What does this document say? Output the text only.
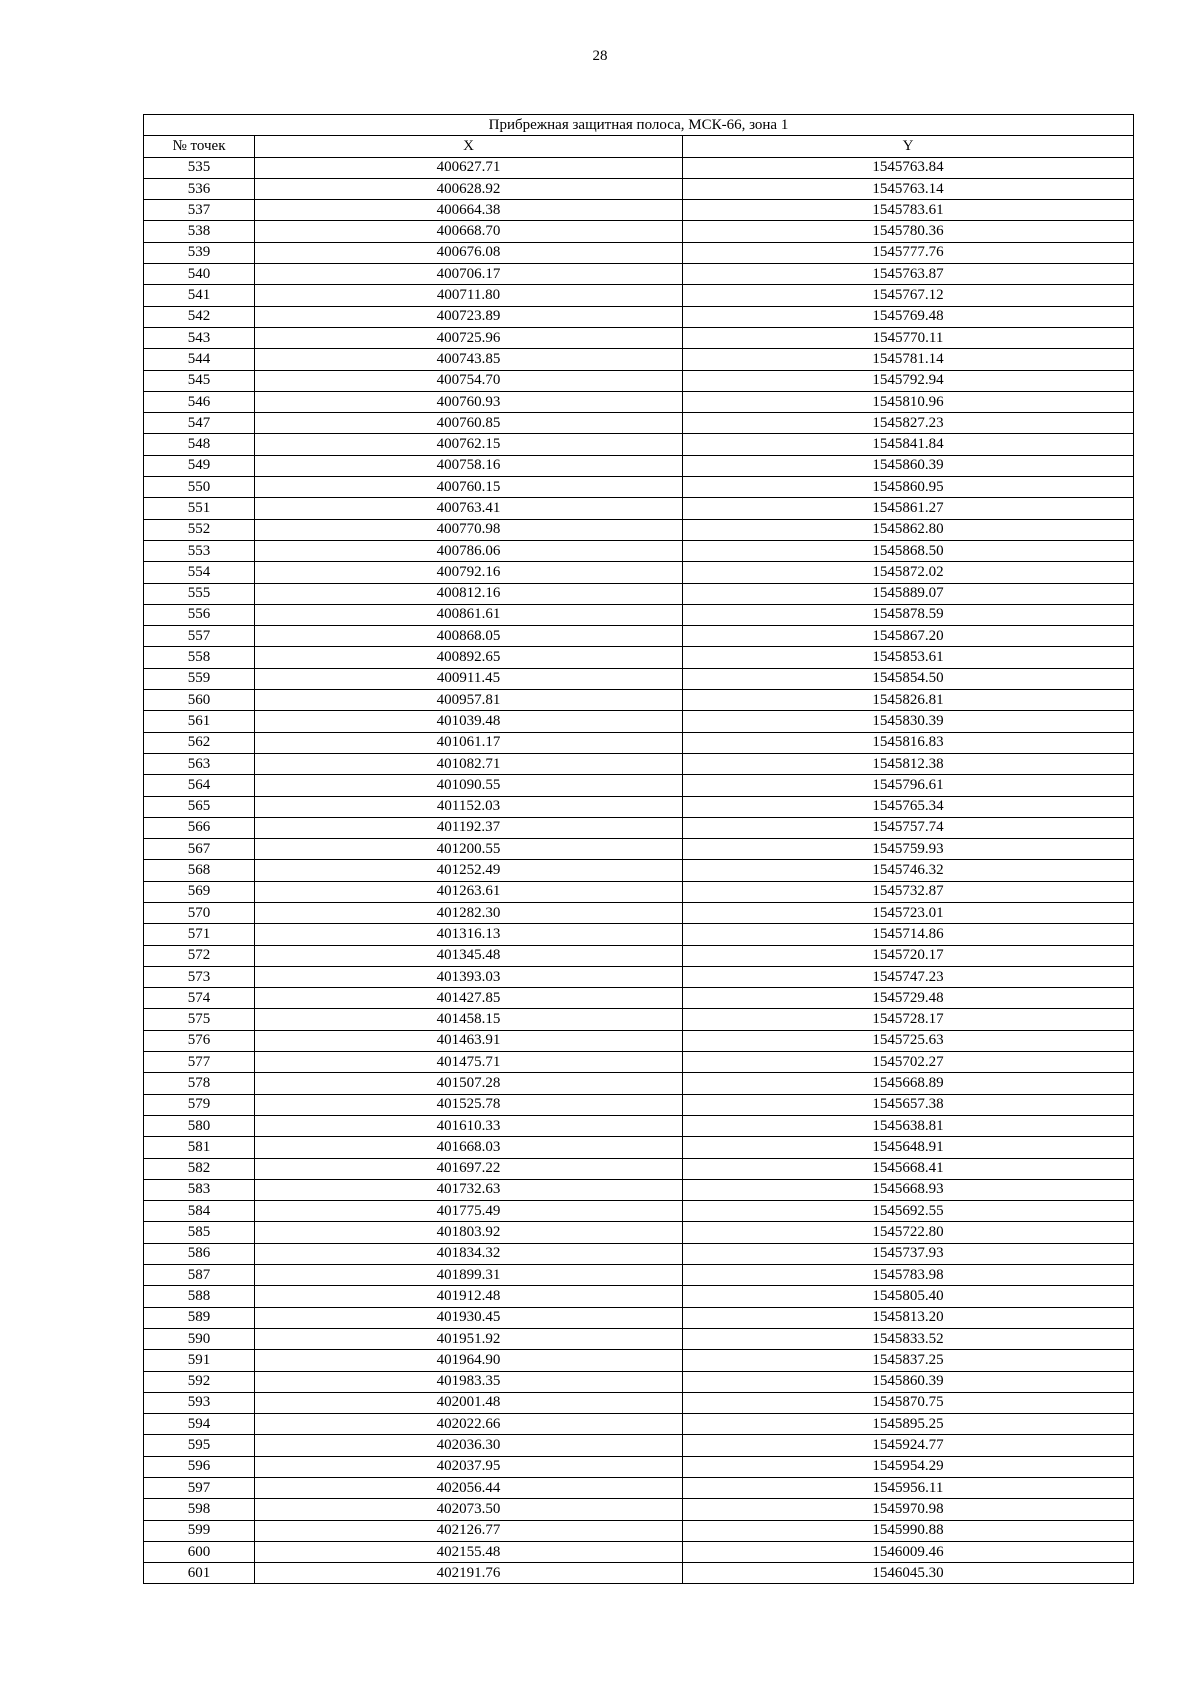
28
Прибрежная защитная полоса, МСК-66, зона 1		
№ точек	X	Y
535	400627.71	1545763.84
536	400628.92	1545763.14
537	400664.38	1545783.61
538	400668.70	1545780.36
539	400676.08	1545777.76
540	400706.17	1545763.87
541	400711.80	1545767.12
542	400723.89	1545769.48
543	400725.96	1545770.11
544	400743.85	1545781.14
545	400754.70	1545792.94
546	400760.93	1545810.96
547	400760.85	1545827.23
548	400762.15	1545841.84
549	400758.16	1545860.39
550	400760.15	1545860.95
551	400763.41	1545861.27
552	400770.98	1545862.80
553	400786.06	1545868.50
554	400792.16	1545872.02
555	400812.16	1545889.07
556	400861.61	1545878.59
557	400868.05	1545867.20
558	400892.65	1545853.61
559	400911.45	1545854.50
560	400957.81	1545826.81
561	401039.48	1545830.39
562	401061.17	1545816.83
563	401082.71	1545812.38
564	401090.55	1545796.61
565	401152.03	1545765.34
566	401192.37	1545757.74
567	401200.55	1545759.93
568	401252.49	1545746.32
569	401263.61	1545732.87
570	401282.30	1545723.01
571	401316.13	1545714.86
572	401345.48	1545720.17
573	401393.03	1545747.23
574	401427.85	1545729.48
575	401458.15	1545728.17
576	401463.91	1545725.63
577	401475.71	1545702.27
578	401507.28	1545668.89
579	401525.78	1545657.38
580	401610.33	1545638.81
581	401668.03	1545648.91
582	401697.22	1545668.41
583	401732.63	1545668.93
584	401775.49	1545692.55
585	401803.92	1545722.80
586	401834.32	1545737.93
587	401899.31	1545783.98
588	401912.48	1545805.40
589	401930.45	1545813.20
590	401951.92	1545833.52
591	401964.90	1545837.25
592	401983.35	1545860.39
593	402001.48	1545870.75
594	402022.66	1545895.25
595	402036.30	1545924.77
596	402037.95	1545954.29
597	402056.44	1545956.11
598	402073.50	1545970.98
599	402126.77	1545990.88
600	402155.48	1546009.46
601	402191.76	1546045.30
